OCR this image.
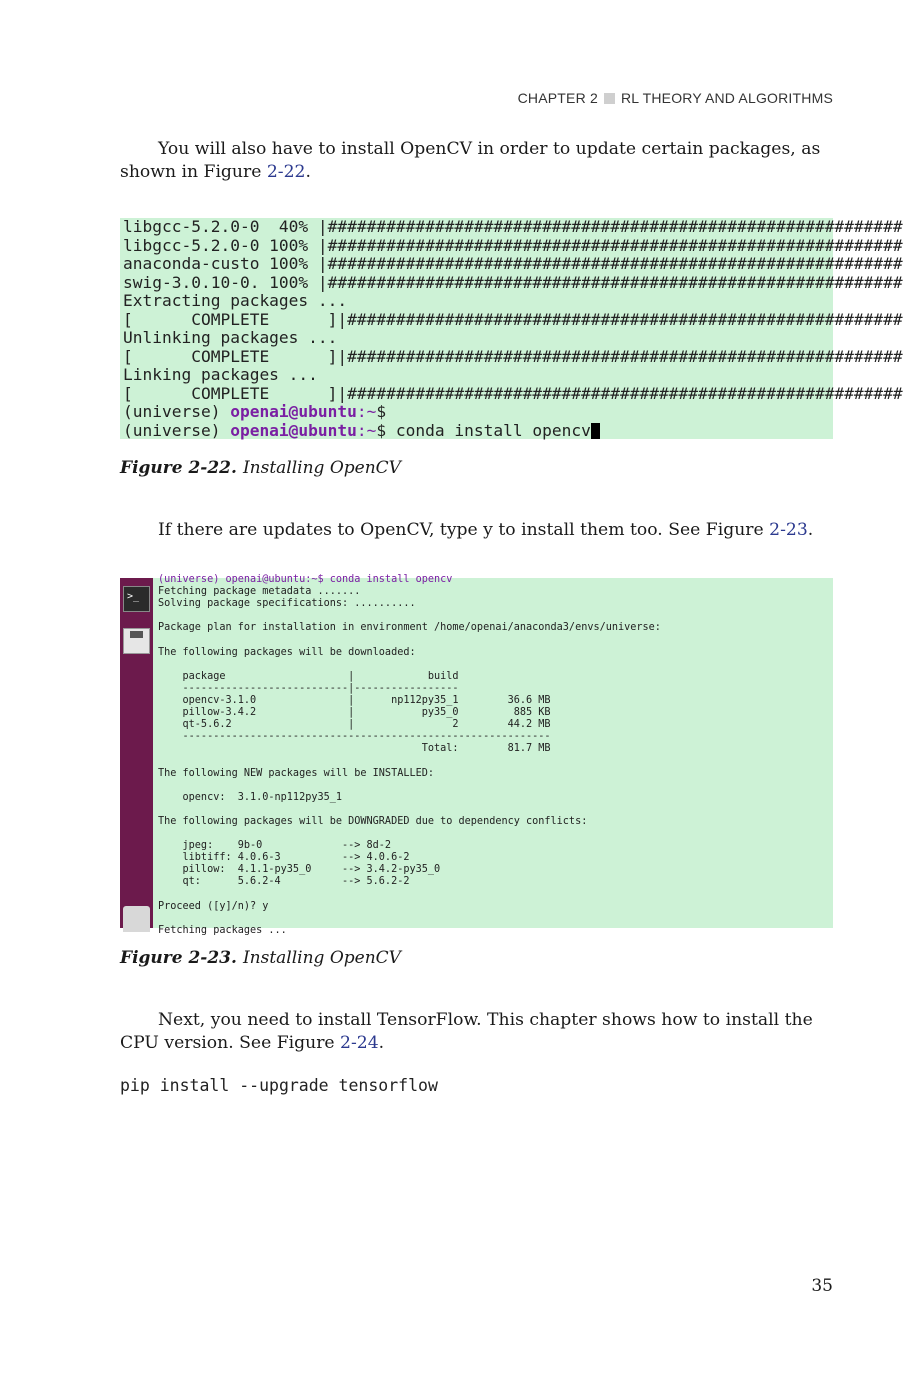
CHAPTER 2 RL THEORY AND ALGORITHMS
You will also have to install OpenCV in order to update certain packages, as shown in Figure 2-22.
libgcc-5.2.0-0  40% |###########################################################
libgcc-5.2.0-0 100% |###########################################################
anaconda-custo 100% |###########################################################
swig-3.0.10-0. 100% |###########################################################
Extracting packages ...
[      COMPLETE      ]|#########################################################
Unlinking packages ...
[      COMPLETE      ]|#########################################################
Linking packages ...
[      COMPLETE      ]|#########################################################
(universe) openai@ubuntu:~$
(universe) openai@ubuntu:~$ conda install opencv
Figure 2-22. Installing OpenCV
If there are updates to OpenCV, type y to install them too. See Figure 2-23.
>_
(universe) openai@ubuntu:~$ conda install opencv
Fetching package metadata .......
Solving package specifications: ..........
Package plan for installation in environment /home/openai/anaconda3/envs/universe:
The following packages will be downloaded:
package                    |            build
---------------------------|-----------------
opencv-3.1.0               |      np112py35_1        36.6 MB
pillow-3.4.2               |           py35_0         885 KB
qt-5.6.2                   |                2        44.2 MB
------------------------------------------------------------
Total:        81.7 MB
The following NEW packages will be INSTALLED:
opencv:  3.1.0-np112py35_1
The following packages will be DOWNGRADED due to dependency conflicts:
jpeg:    9b-0             --> 8d-2
libtiff: 4.0.6-3          --> 4.0.6-2
pillow:  4.1.1-py35_0     --> 3.4.2-py35_0
qt:      5.6.2-4          --> 5.6.2-2
Proceed ([y]/n)? y
Fetching packages ...
Figure 2-23. Installing OpenCV
Next, you need to install TensorFlow. This chapter shows how to install the CPU version. See Figure 2-24.
pip install --upgrade tensorflow
35
